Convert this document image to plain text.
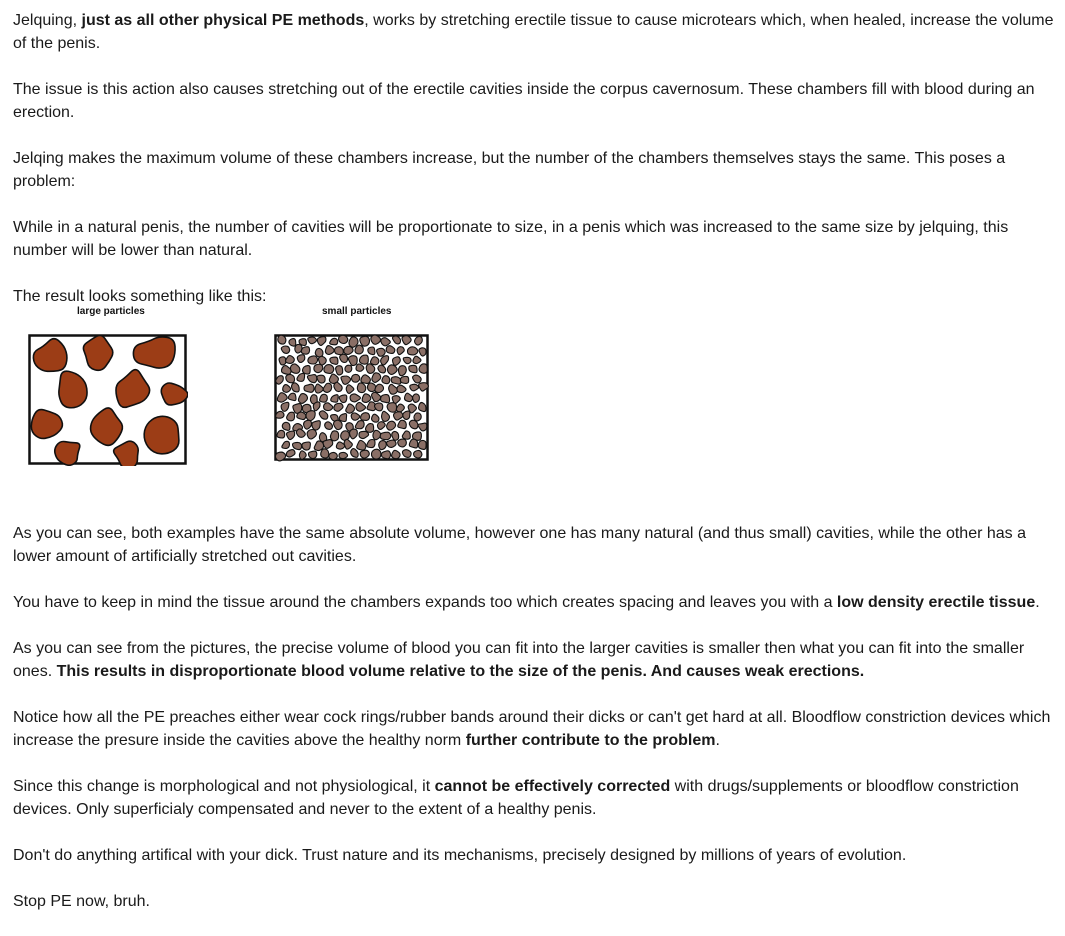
Jelquing, just as all other physical PE methods, works by stretching erectile tissue to cause microtears which, when healed, increase the volume of the penis.

The issue is this action also causes stretching out of the erectile cavities inside the corpus cavernosum. These chambers fill with blood during an erection.

Jelqing makes the maximum volume of these chambers increase, but the number of the chambers themselves stays the same. This poses a problem:

While in a natural penis, the number of cavities will be proportionate to size, in a penis which was increased to the same size by jelquing, this number will be lower than natural.

The result looks something like this:

large particles	small particles

As you can see, both examples have the same absolute volume, however one has many natural (and thus small) cavities, while the other has a lower amount of artificially stretched out cavities.

You have to keep in mind the tissue around the chambers expands too which creates spacing and leaves you with a low density erectile tissue.

As you can see from the pictures, the precise volume of blood you can fit into the larger cavities is smaller then what you can fit into the smaller ones. This results in disproportionate blood volume relative to the size of the penis. And causes weak erections.

Notice how all the PE preaches either wear cock rings/rubber bands around their dicks or can't get hard at all. Bloodflow constriction devices which increase the presure inside the cavities above the healthy norm further contribute to the problem.

Since this change is morphological and not physiological, it cannot be effectively corrected with drugs/supplements or bloodflow constriction devices. Only superficialy compensated and never to the extent of a healthy penis.

Don't do anything artifical with your dick. Trust nature and its mechanisms, precisely designed by millions of years of evolution.

Stop PE now, bruh.
